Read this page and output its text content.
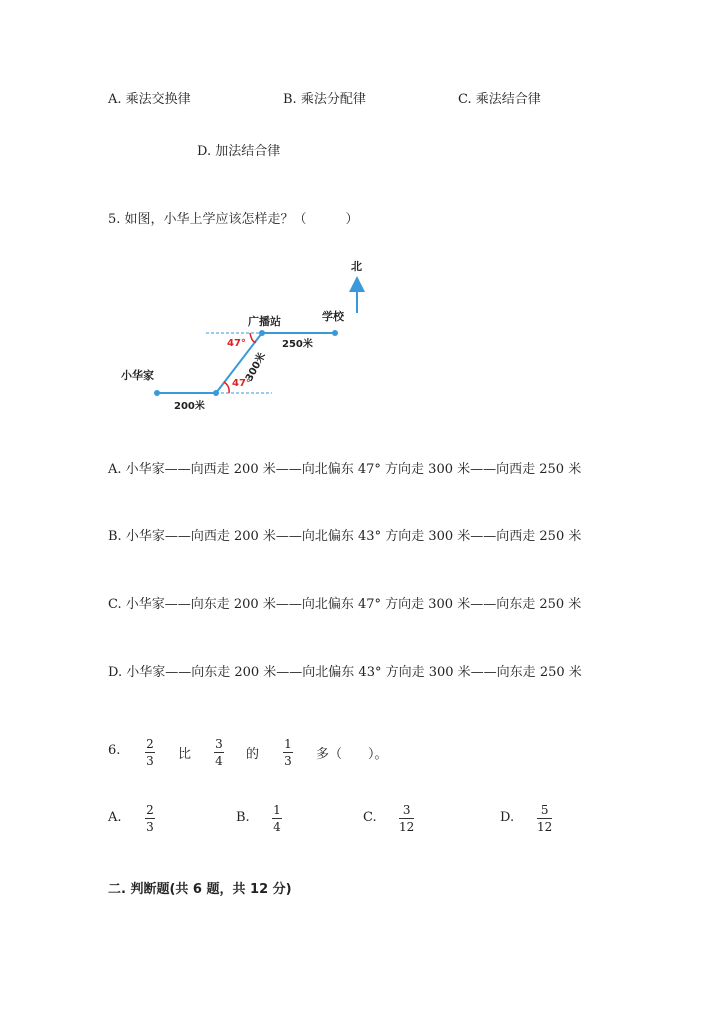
A. 乘法交换律	B. 乘法分配律	C. 乘法结合律
D. 加法结合律
5. 如图，小华上学应该怎样走？（　　　）
北
广播站	学校
小华家
200米
250米
300米
47°
47°
A. 小华家——向西走 200 米——向北偏东 47° 方向走 300 米——向西走 250 米
B. 小华家——向西走 200 米——向北偏东 43° 方向走 300 米——向西走 250 米
C. 小华家——向东走 200 米——向北偏东 47° 方向走 300 米——向东走 250 米
D. 小华家——向东走 200 米——向北偏东 43° 方向走 300 米——向东走 250 米
6. 2
3 比
3
4 的
1
3 多（　　）。
A. 2
3
B. 1
4
C. 3
12
D. 5
12
二. 判断题(共 6 题，共 12 分)
